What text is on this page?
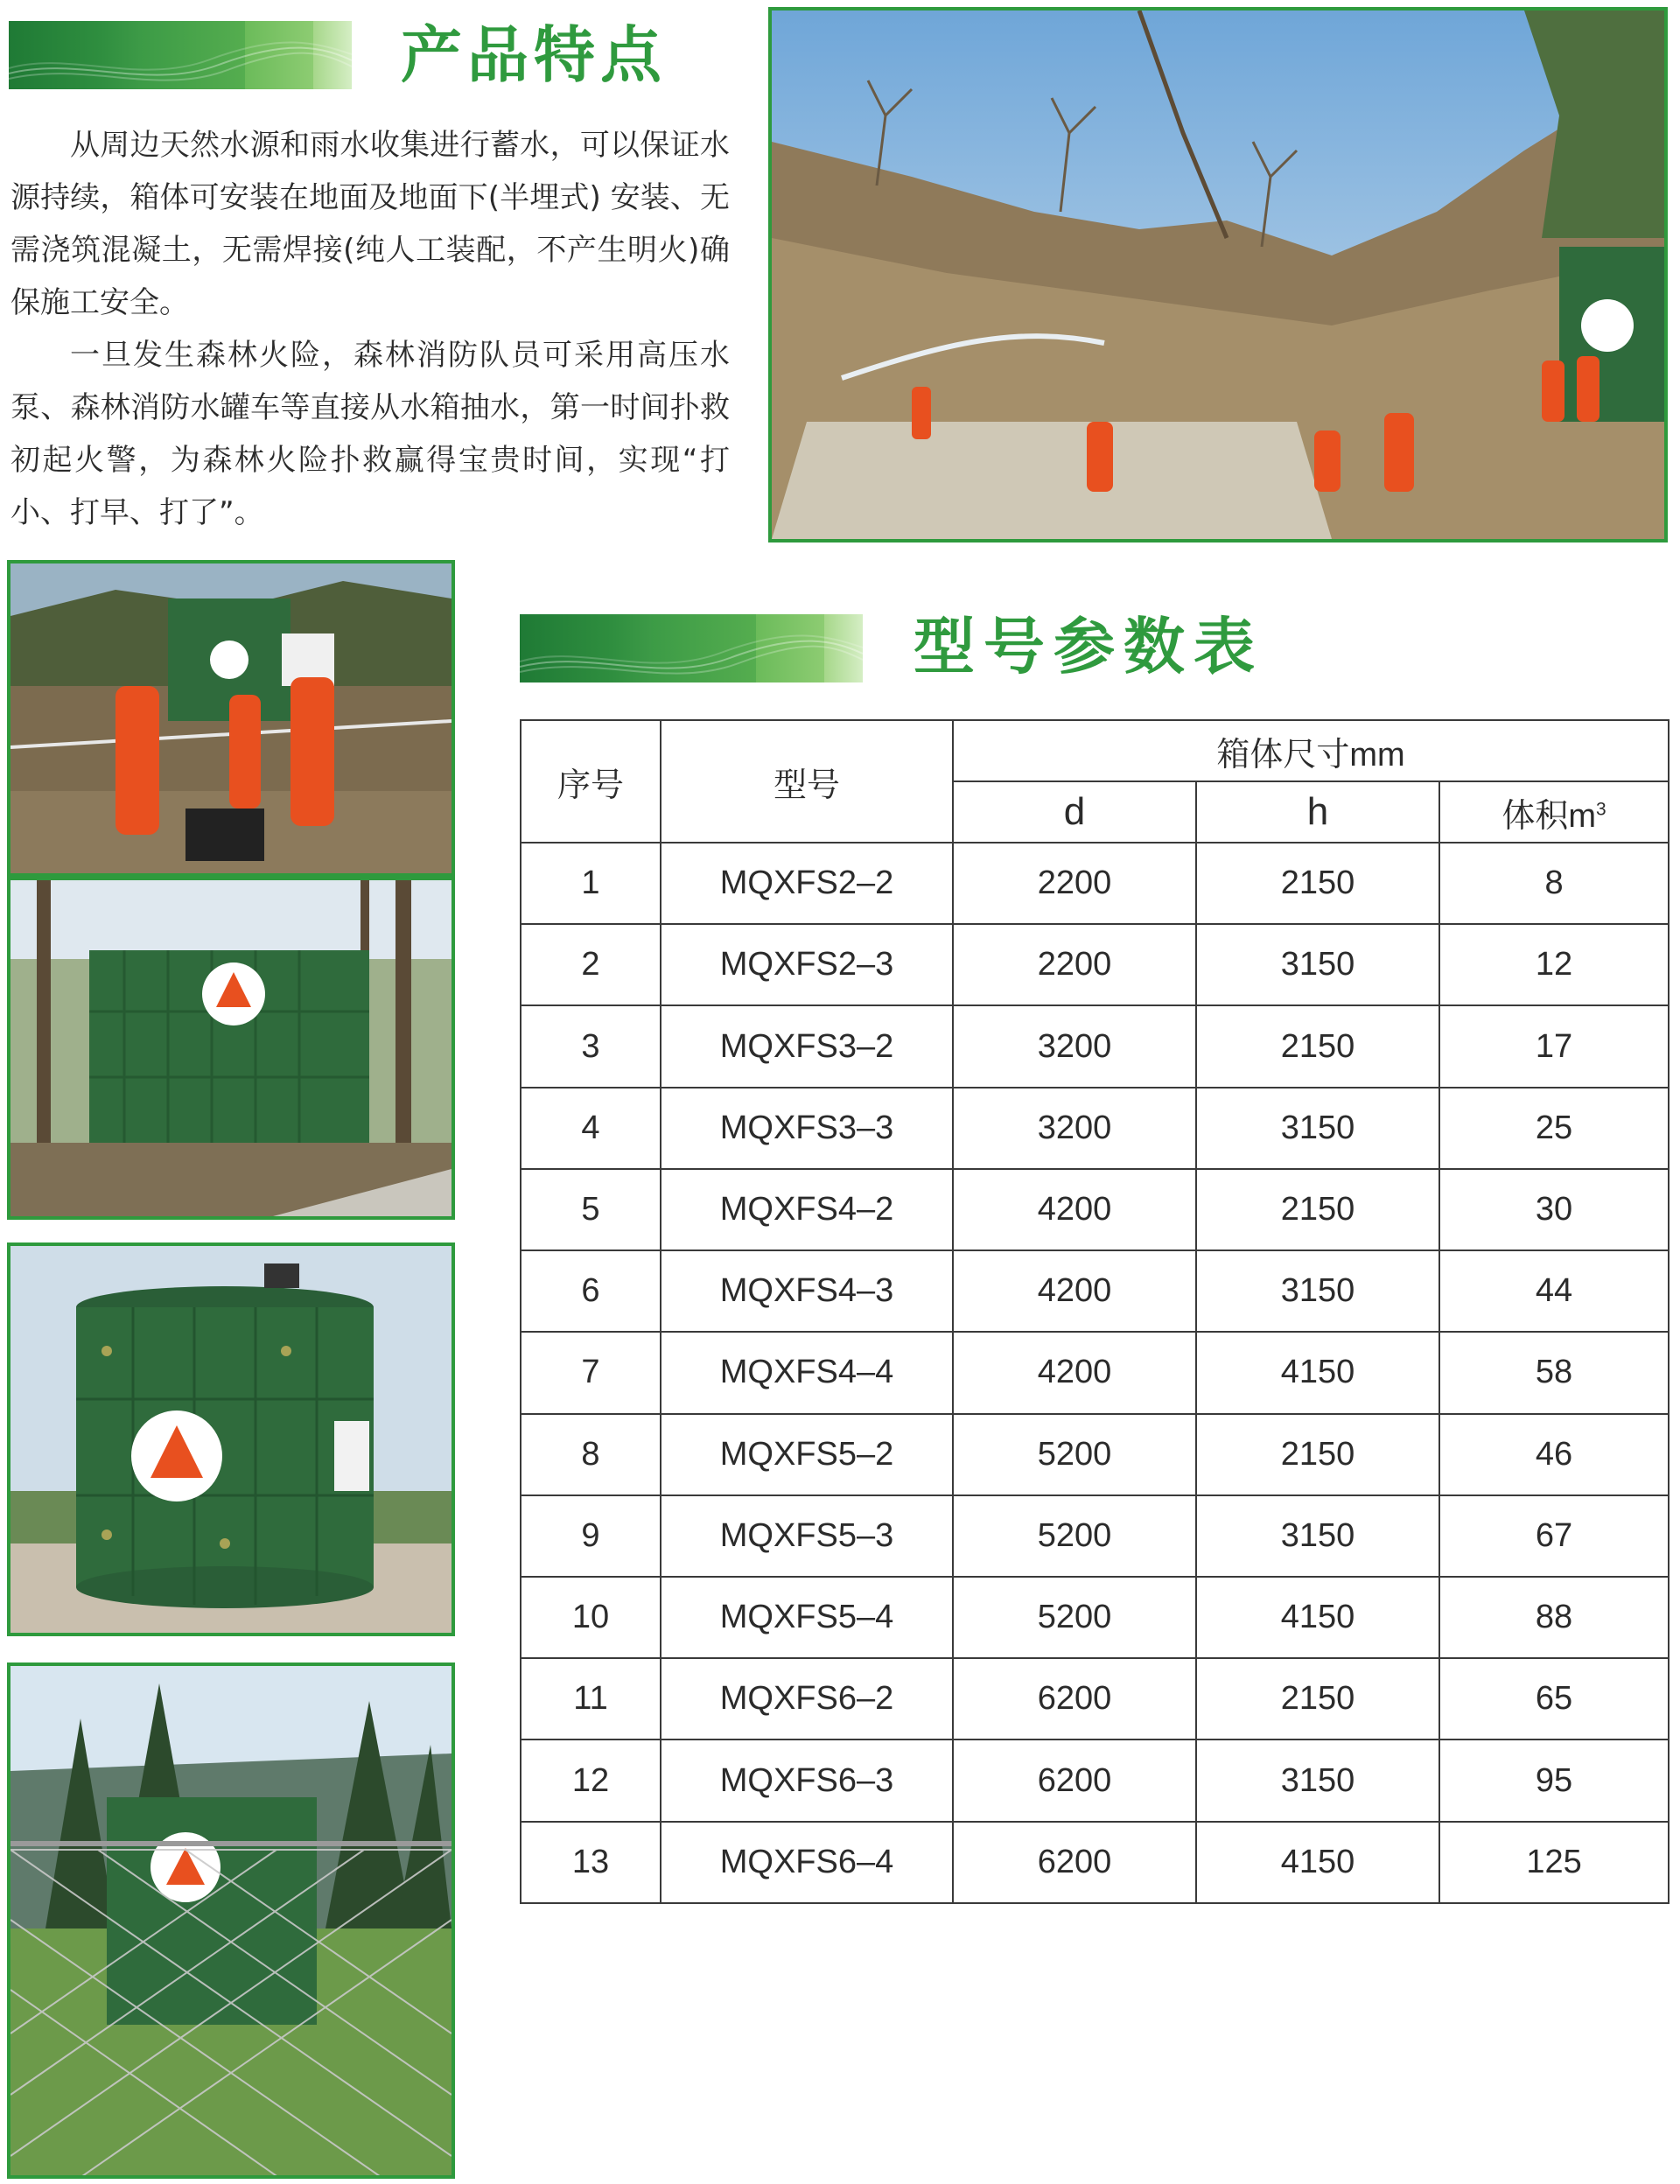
产品特点

从周边天然水源和雨水收集进行蓄水，可以保证水源持续，箱体可安装在地面及地面下(半埋式) 安装、无需浇筑混凝土，无需焊接(纯人工装配，不产生明火)确保施工安全。

一旦发生森林火险，森林消防队员可采用高压水泵、森林消防水罐车等直接从水箱抽水，第一时间扑救初起火警，为森林火险扑救赢得宝贵时间，实现“打小、打早、打了”。

型号参数表
序号	型号	箱体尺寸mm		
		d	h	体积$m^3$
1	MQXFS2–2	2200	2150	8
2	MQXFS2–3	2200	3150	12
3	MQXFS3–2	3200	2150	17
4	MQXFS3–3	3200	3150	25
5	MQXFS4–2	4200	2150	30
6	MQXFS4–3	4200	3150	44
7	MQXFS4–4	4200	4150	58
8	MQXFS5–2	5200	2150	46
9	MQXFS5–3	5200	3150	67
10	MQXFS5–4	5200	4150	88
11	MQXFS6–2	6200	2150	65
12	MQXFS6–3	6200	3150	95
13	MQXFS6–4	6200	4150	125
